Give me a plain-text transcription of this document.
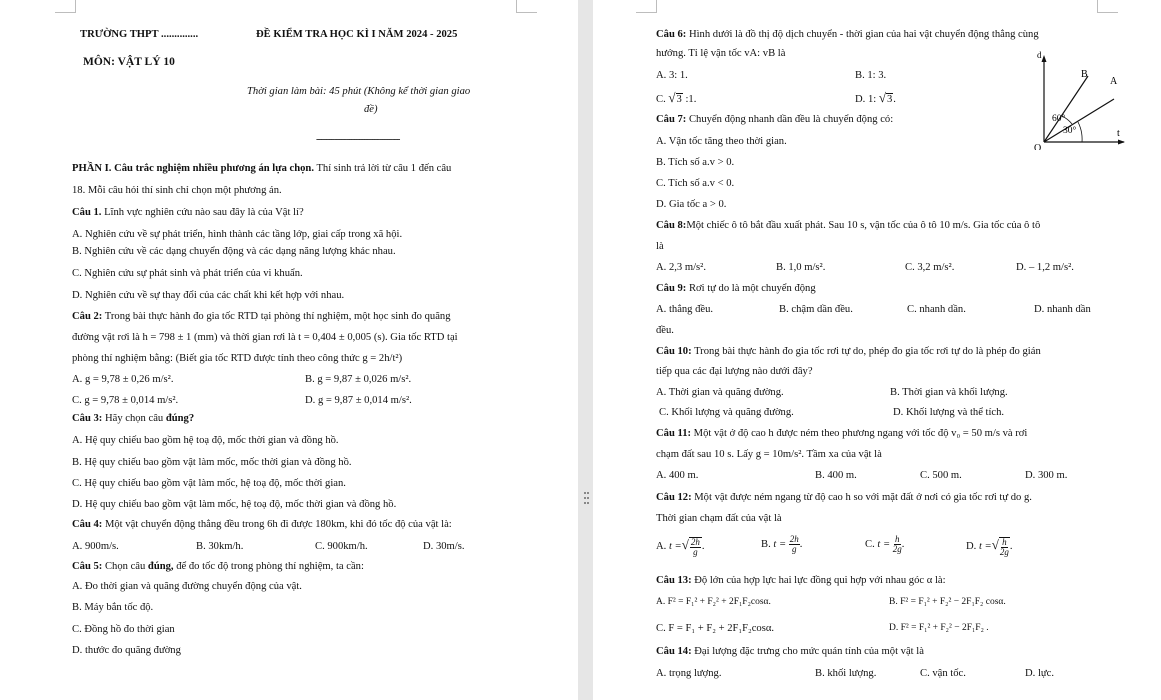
TRƯỜNG THPT ..............	ĐỀ KIỂM TRA HỌC KÌ I NĂM 2024 - 2025
MÔN: VẬT LÝ 10
Thời gian làm bài: 45 phút (Không kể thời gian giao
đề)
---------------------------------
PHẦN I. Câu trắc nghiệm nhiều phương án lựa chọn. Thí sinh trả lời từ câu 1 đến câu
18. Mỗi câu hỏi thí sinh chỉ chọn một phương án.
Câu 1. Lĩnh vực nghiên cứu nào sau đây là của Vật lí?
A. Nghiên cứu về sự phát triển, hình thành các tầng lớp, giai cấp trong xã hội.
B. Nghiên cứu về các dạng chuyển động và các dạng năng lượng khác nhau.
C. Nghiên cứu sự phát sinh và phát triển của vi khuẩn.
D. Nghiên cứu về sự thay đổi của các chất khi kết hợp với nhau.
Câu 2: Trong bài thực hành đo gia tốc RTD tại phòng thí nghiệm, một học sinh đo quãng
đường vật rơi là h = 798 ± 1 (mm) và thời gian rơi là t = 0,404 ± 0,005 (s). Gia tốc RTD tại
phòng thí nghiệm bằng: (Biết gia tốc RTD được tính theo công thức g = 2h/t²)
A. g = 9,78 ± 0,26 m/s².	B. g = 9,87 ± 0,026 m/s².
C. g = 9,78 ± 0,014 m/s².	D. g = 9,87 ± 0,014 m/s².
Câu 3: Hãy chọn câu đúng?
A. Hệ quy chiếu bao gồm hệ toạ độ, mốc thời gian và đồng hồ.
B. Hệ quy chiếu bao gồm vật làm mốc, mốc thời gian và đồng hồ.
C. Hệ quy chiếu bao gồm vật làm mốc, hệ toạ độ, mốc thời gian.
D. Hệ quy chiếu bao gồm vật làm mốc, hệ toạ độ, mốc thời gian và đồng hồ.
Câu 4: Một vật chuyển động thẳng đều trong 6h đi được 180km, khi đó tốc độ của vật là:
A. 900m/s.	B. 30km/h.	C. 900km/h.	D. 30m/s.
Câu 5: Chọn câu đúng, để đo tốc độ trong phòng thí nghiệm, ta cần:
A. Đo thời gian và quãng đường chuyển động của vật.
B. Máy bắn tốc độ.
C. Đồng hồ đo thời gian
D. thước đo quãng đường
Câu 6: Hình dưới là đồ thị độ dịch chuyển - thời gian của hai vật chuyển động thẳng cùng
hướng. Tỉ lệ vận tốc vA: vB là
A. 3: 1.	B. 1: 3.
C. √3 :1.	D. 1: √3.
d
t
O
B
A
60°
30°
Câu 7: Chuyển động nhanh dần đều là chuyển động có:
A. Vận tốc tăng theo thời gian.
B. Tích số a.v > 0.
C. Tích số a.v < 0.
D. Gia tốc a > 0.
Câu 8:Một chiếc ô tô bắt đầu xuất phát. Sau 10 s, vận tốc của ô tô 10 m/s. Gia tốc của ô tô
là
A. 2,3 m/s².	B. 1,0 m/s².	C. 3,2 m/s².	D. – 1,2 m/s².
Câu 9: Rơi tự do là một chuyển động
A. thẳng đều.	B. chậm dần đều.	C. nhanh dần.	D. nhanh dần
đều.
Câu 10: Trong bài thực hành đo gia tốc rơi tự do, phép đo gia tốc rơi tự do là phép đo gián
tiếp qua các đại lượng nào dưới đây?
A. Thời gian và quãng đường.	B. Thời gian và khối lượng.
C. Khối lượng và quãng đường.	D. Khối lượng và thể tích.
Câu 11: Một vật ở độ cao h được ném theo phương ngang với tốc độ v₀ = 50 m/s và rơi
chạm đất sau 10 s. Lấy g = 10m/s². Tầm xa của vật là
A. 400 m.	B. 400 m.	C. 500 m.	D. 300 m.
Câu 12: Một vật được ném ngang từ độ cao h so với mặt đất ở nơi có gia tốc rơi tự do g.
Thời gian chạm đất của vật là
A. t =√ $\frac{2h}{g}$ .	B. $t = \frac{2h}{g}$ .	C. $t = \frac{h}{2g}$ .	D. t =√ $\frac{h}{2g}$ .
Câu 13: Độ lớn của hợp lực hai lực đồng qui hợp với nhau góc α là:
A. F² = F₁² + F₂² + 2F₁F₂cosα.	B. F² = F₁² + F₂² − 2F₁F₂ cosα.
C. F = F₁ + F₂ + 2F₁F₂cosα.	D. F² = F₁² + F₂² − 2F₁F₂ .
Câu 14: Đại lượng đặc trưng cho mức quán tính của một vật là
A. trọng lượng.	B. khối lượng.	C. vận tốc.	D. lực.
